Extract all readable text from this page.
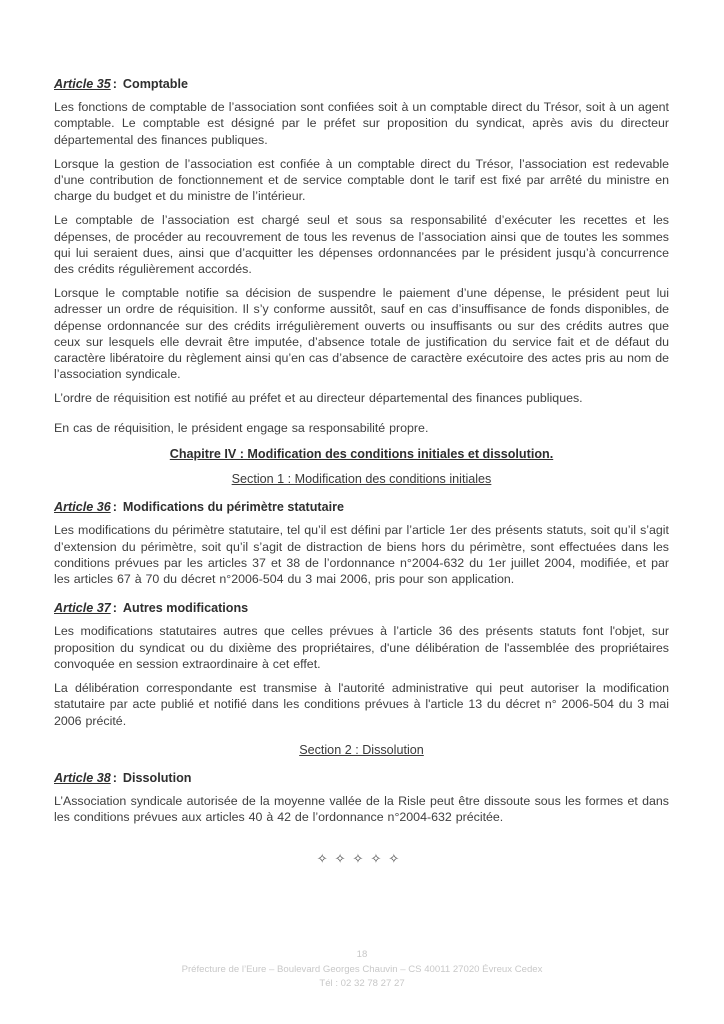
Article 35 : Comptable

Les fonctions de comptable de l’association sont confiées soit à un comptable direct du Trésor, soit à un agent comptable. Le comptable est désigné par le préfet sur proposition du syndicat, après avis du directeur départemental des finances publiques.

Lorsque la gestion de l’association est confiée à un comptable direct du Trésor, l’association est redevable d’une contribution de fonctionnement et de service comptable dont le tarif est fixé par arrêté du ministre en charge du budget et du ministre de l’intérieur.

Le comptable de l’association est chargé seul et sous sa responsabilité d’exécuter les recettes et les dépenses, de procéder au recouvrement de tous les revenus de l’association ainsi que de toutes les sommes qui lui seraient dues, ainsi que d’acquitter les dépenses ordonnancées par le président jusqu’à concurrence des crédits régulièrement accordés.

Lorsque le comptable notifie sa décision de suspendre le paiement d’une dépense, le président peut lui adresser un ordre de réquisition. Il s’y conforme aussitôt, sauf en cas d’insuffisance de fonds disponibles, de dépense ordonnancée sur des crédits irrégulièrement ouverts ou insuffisants ou sur des crédits autres que ceux sur lesquels elle devrait être imputée, d’absence totale de justification du service fait et de défaut du caractère libératoire du règlement ainsi qu’en cas d’absence de caractère exécutoire des actes pris au nom de l’association syndicale.

L’ordre de réquisition est notifié au préfet et au directeur départemental des finances publiques.

En cas de réquisition, le président engage sa responsabilité propre.

Chapitre IV : Modification des conditions initiales et dissolution.
Section 1 : Modification des conditions initiales
Article 36 : Modifications du périmètre statutaire

Les modifications du périmètre statutaire, tel qu’il est défini par l’article 1er des présents statuts, soit qu’il s’agit d’extension du périmètre, soit qu’il s’agit de distraction de biens hors du périmètre, sont effectuées dans les conditions prévues par les articles 37 et 38 de l’ordonnance n°2004-632 du 1er juillet 2004, modifiée, et par les articles 67 à 70 du décret n°2006-504 du 3 mai 2006, pris pour son application.

Article 37 : Autres modifications

Les modifications statutaires autres que celles prévues à l’article 36 des présents statuts font l'objet, sur proposition du syndicat ou du dixième des propriétaires, d'une délibération de l'assemblée des propriétaires convoquée en session extraordinaire à cet effet.

La délibération correspondante est transmise à l'autorité administrative qui peut autoriser la modification statutaire par acte publié et notifié dans les conditions prévues à l'article 13 du décret n° 2006-504 du 3 mai 2006 précité.

Section 2 : Dissolution
Article 38 : Dissolution

L’Association syndicale autorisée de la moyenne vallée de la Risle peut être dissoute sous les formes et dans les conditions prévues aux articles 40 à 42 de l’ordonnance n°2004-632 précitée.

✧✧✧✧✧
18
Préfecture de l’Eure – Boulevard Georges Chauvin – CS 40011 27020 Évreux Cedex
Tél : 02 32 78 27 27
